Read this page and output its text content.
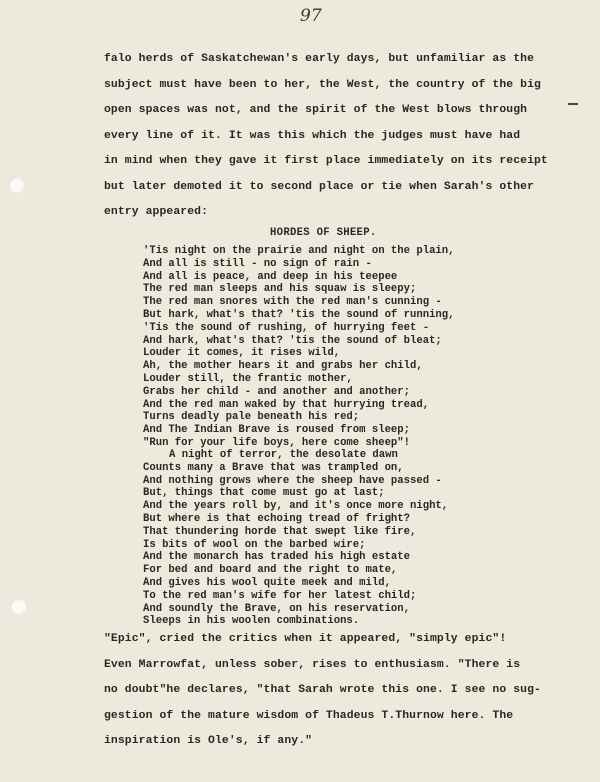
97
falo herds of Saskatchewan's early days, but unfamiliar as the
subject must have been to her, the West, the country of the big
open spaces was not, and the spirit of the West blows through
every line of it. It was this which the judges must have had
in mind when they gave it first place immediately on its receipt
but later demoted it to second place or tie when Sarah's other
entry appeared:
HORDES OF SHEEP.
'Tis night on the prairie and night on the plain,
And all is still - no sign of rain -
And all is peace, and deep in his teepee
The red man sleeps and his squaw is sleepy;
The red man snores with the red man's cunning -
But hark, what's that? 'tis the sound of running,
'Tis the sound of rushing, of hurrying feet -
And hark, what's that? 'tis the sound of bleat;
Louder it comes, it rises wild,
Ah, the mother hears it and grabs her child,
Louder still, the frantic mother,
Grabs her child - and another and another;
And the red man waked by that hurrying tread,
Turns deadly pale beneath his red;
And The Indian Brave is roused from sleep;
"Run for your life boys, here come sheep"!
A night of terror, the desolate dawn
Counts many a Brave that was trampled on,
And nothing grows where the sheep have passed -
But, things that come must go at last;
And the years roll by, and it's once more night,
But where is that echoing tread of fright?
That thundering horde that swept like fire,
Is bits of wool on the barbed wire;
And the monarch has traded his high estate
For bed and board and the right to mate,
And gives his wool quite meek and mild,
To the red man's wife for her latest child;
And soundly the Brave, on his reservation,
Sleeps in his woolen combinations.
"Epic", cried the critics when it appeared, "simply epic"!
Even Marrowfat, unless sober, rises to enthusiasm. "There is
no doubt"he declares, "that Sarah wrote this one. I see no sug-
gestion of the mature wisdom of Thadeus T.Thurnow here. The
inspiration is Ole's, if any."
